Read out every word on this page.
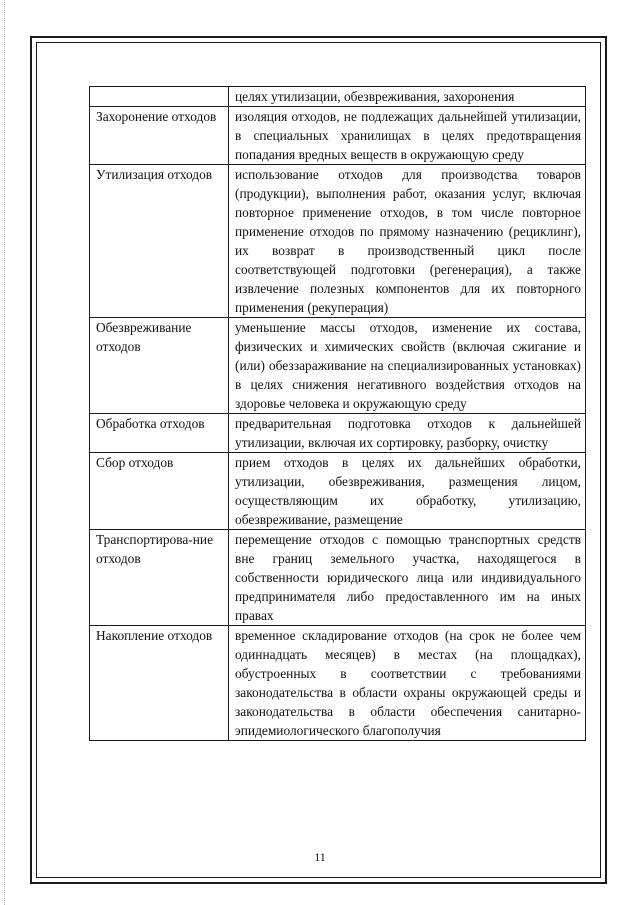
	целях утилизации, обезвреживания, захоронения
Захоронение отходов	изоляция отходов, не подлежащих дальнейшей утилизации, в специальных хранилищах в целях предотвращения попадания вредных веществ в окружающую среду
Утилизация отходов	использование отходов для производства товаров (продукции), выполнения работ, оказания услуг, включая повторное применение отходов, в том числе повторное применение отходов по прямому назначению (рециклинг), их возврат в производственный цикл после соответствующей подготовки (регенерация), а также извлечение полезных компонентов для их повторного применения (рекуперация)
Обезвреживание отходов	уменьшение массы отходов, изменение их состава, физических и химических свойств (включая сжигание и (или) обеззараживание на специализированных установках) в целях снижения негативного воздействия отходов на здоровье человека и окружающую среду
Обработка отходов	предварительная подготовка отходов к дальнейшей утилизации, включая их сортировку, разборку, очистку
Сбор отходов	прием отходов в целях их дальнейших обработки, утилизации, обезвреживания, размещения лицом, осуществляющим их обработку, утилизацию, обезвреживание, размещение
Транспортирова-ние отходов	перемещение отходов с помощью транспортных средств вне границ земельного участка, находящегося в собственности юридического лица или индивидуального предпринимателя либо предоставленного им на иных правах
Накопление отходов	временное складирование отходов (на срок не более чем одиннадцать месяцев) в местах (на площадках), обустроенных в соответствии с требованиями законодательства в области охраны окружающей среды и законодательства в области обеспечения санитарно-эпидемиологического благополучия
11
